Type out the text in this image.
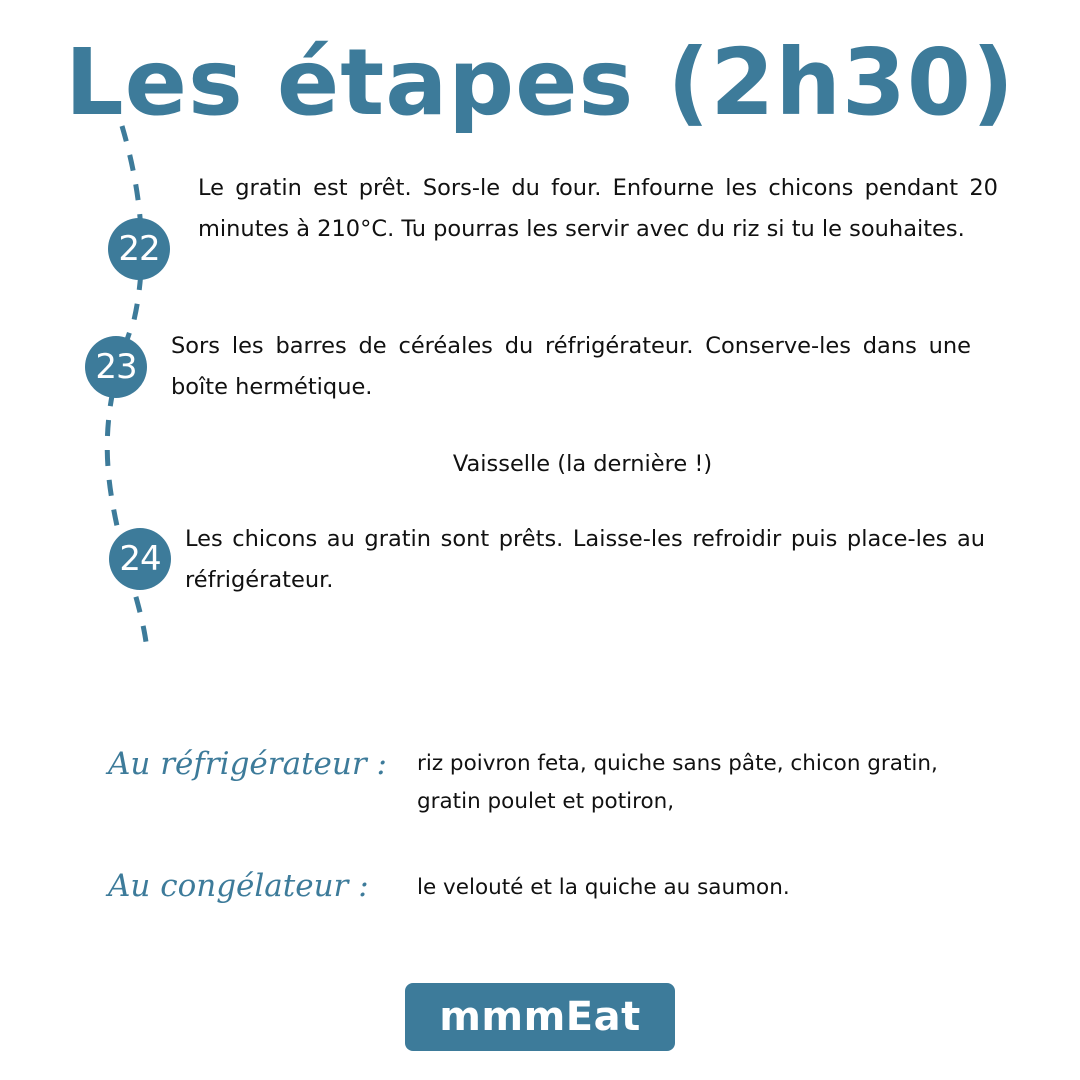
Les étapes (2h30)
22

Le gratin est prêt. Sors-le du four. Enfourne les chicons pendant 20 minutes à 210°C. Tu pourras les servir avec du riz si tu le souhaites.

23

Sors les barres de céréales du réfrigérateur. Conserve-les dans une boîte hermétique.

Vaisselle (la dernière !)
24	Les chicons au gratin sont prêts. Laisse-les refroidir puis place-les au réfrigérateur.

Au réfrigérateur : riz poivron feta, quiche sans pâte, chicon gratin, gratin poulet et potiron,
Au congélateur : le velouté et la quiche au saumon.
mmmEat
